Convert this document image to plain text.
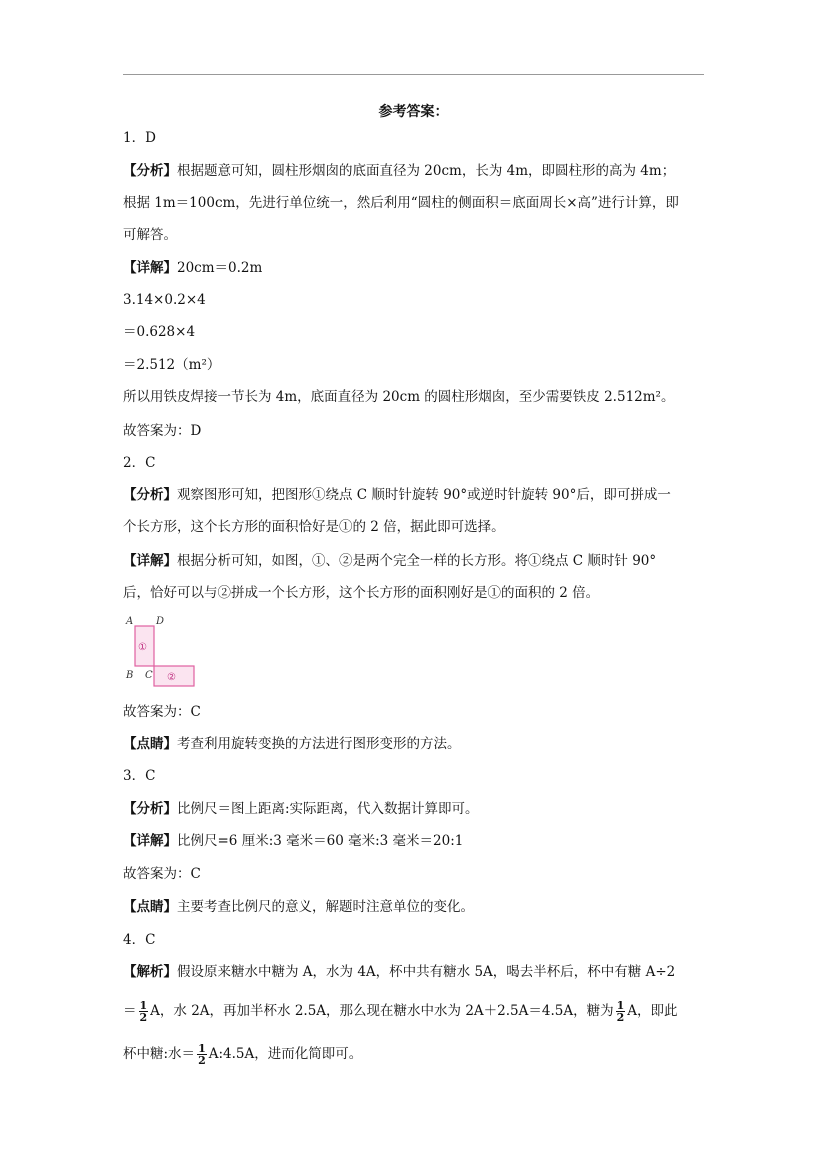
参考答案：
1．D
【分析】根据题意可知，圆柱形烟囱的底面直径为 20cm，长为 4m，即圆柱形的高为 4m；
根据 1m＝100cm，先进行单位统一，然后利用“圆柱的侧面积＝底面周长×高”进行计算，即
可解答。
【详解】20cm＝0.2m
3.14×0.2×4
＝0.628×4
＝2.512（m²）
所以用铁皮焊接一节长为 4m，底面直径为 20cm 的圆柱形烟囱，至少需要铁皮 2.512m²。
故答案为：D
2．C
【分析】观察图形可知，把图形①绕点 C 顺时针旋转 90°或逆时针旋转 90°后，即可拼成一
个长方形，这个长方形的面积恰好是①的 2 倍，据此即可选择。
【详解】根据分析可知，如图，①、②是两个完全一样的长方形。将①绕点 C 顺时针 90°
后，恰好可以与②拼成一个长方形，这个长方形的面积刚好是①的面积的 2 倍。
A D
B C
①
②
故答案为：C
【点睛】考查利用旋转变换的方法进行图形变形的方法。
3．C
【分析】比例尺＝图上距离:实际距离，代入数据计算即可。
【详解】比例尺=6 厘米:3 毫米＝60 毫米:3 毫米＝20:1
故答案为：C
【点睛】主要考查比例尺的意义，解题时注意单位的变化。
4．C
【解析】假设原来糖水中糖为 A，水为 4A，杯中共有糖水 5A，喝去半杯后，杯中有糖 A÷2
＝ $\frac{1}{2}$ A，水 2A，再加半杯水 2.5A，那么现在糖水中水为 2A＋2.5A＝4.5A，糖为 $\frac{1}{2}$ A，即此
杯中糖:水＝ $\frac{1}{2}$ A:4.5A，进而化简即可。
